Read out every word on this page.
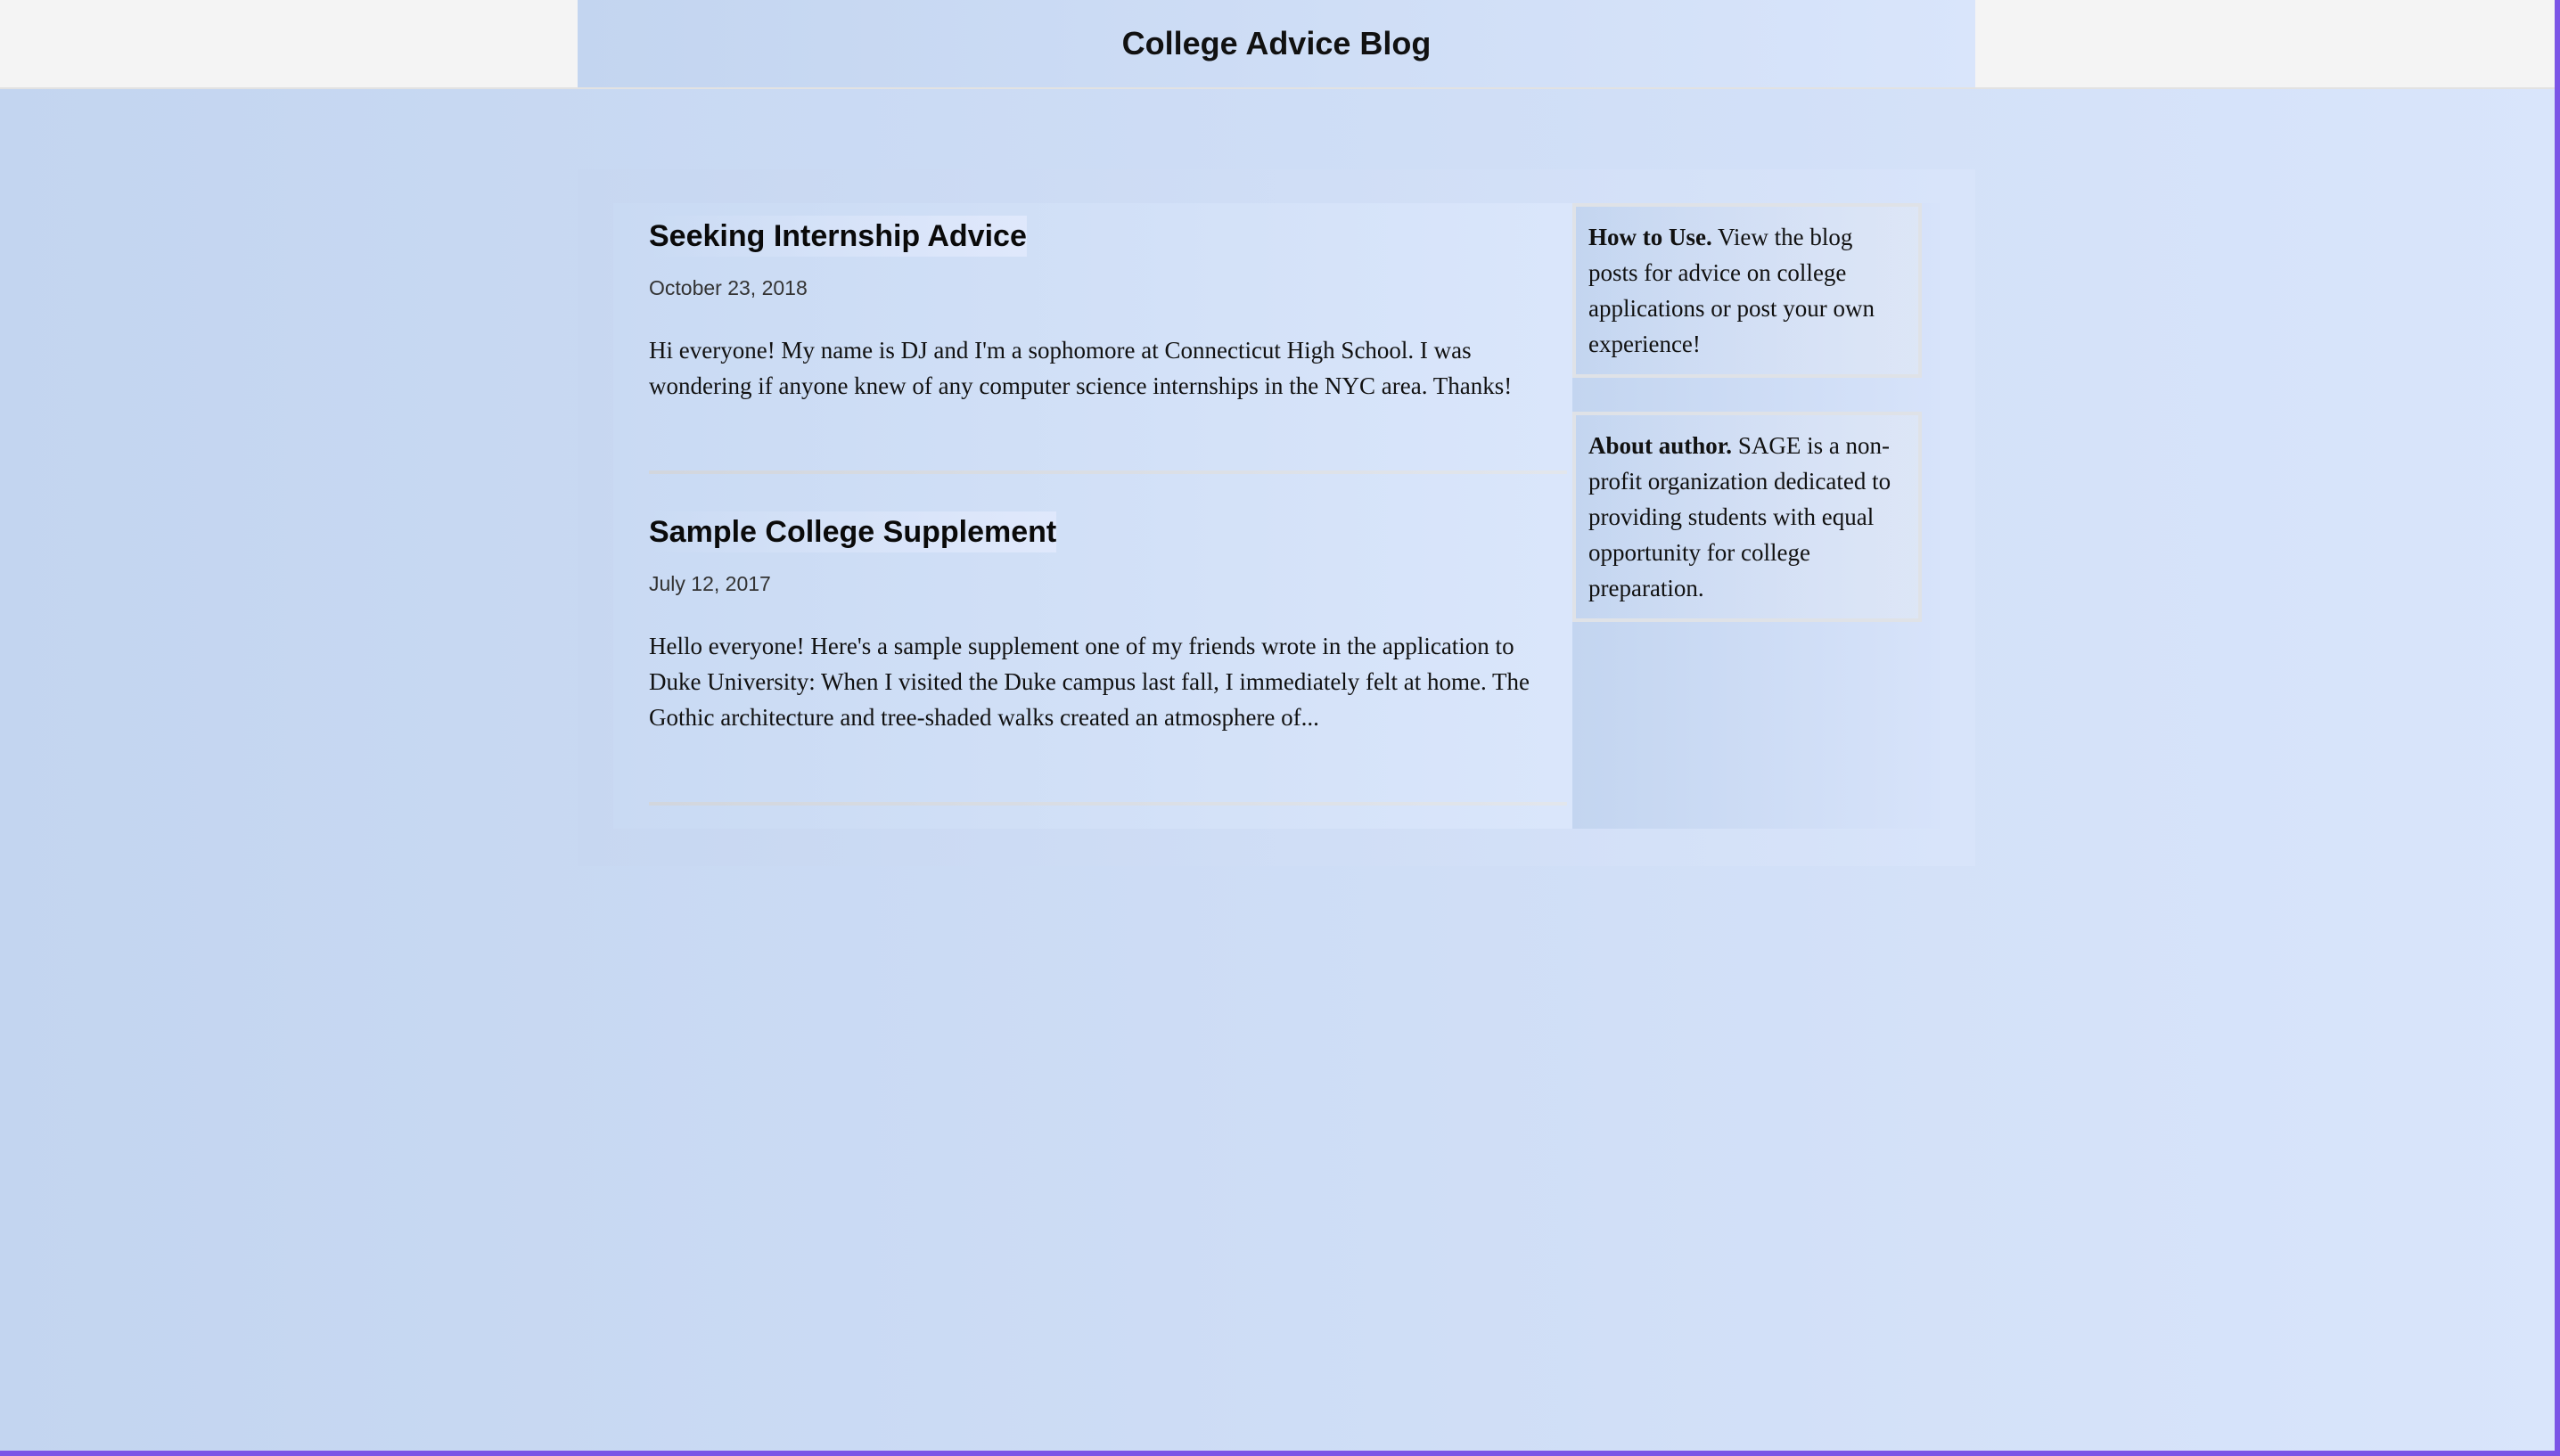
College Advice Blog
Seeking Internship Advice
October 23, 2018

Hi everyone! My name is DJ and I'm a sophomore at Connecticut High School. I was wondering if anyone knew of any computer science internships in the NYC area. Thanks!

Sample College Supplement
July 12, 2017

Hello everyone! Here's a sample supplement one of my friends wrote in the application to Duke University: When I visited the Duke campus last fall, I immediately felt at home. The Gothic architecture and tree-shaded walks created an atmosphere of...

How to Use. View the blog posts for advice on college applications or post your own experience!
About author. SAGE is a non-profit organization dedicated to providing students with equal opportunity for college preparation.
